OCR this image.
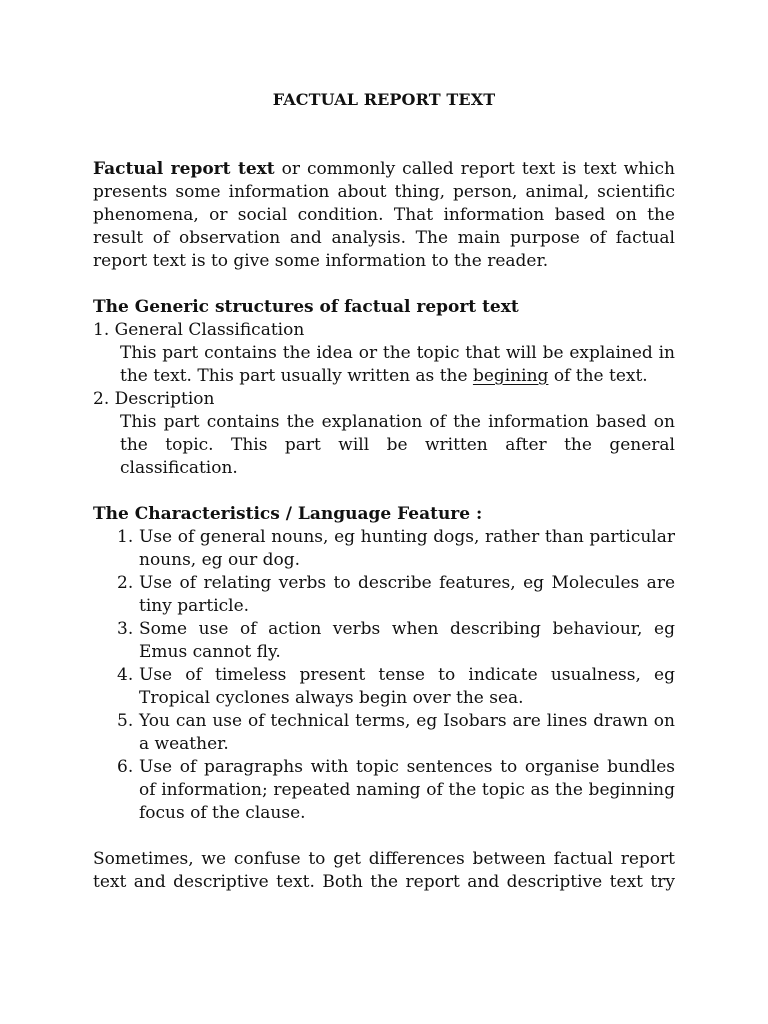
FACTUAL REPORT TEXT

Factual report text or commonly called report text is text which presents some information about thing, person, animal, scientific phenomena, or social condition. That information based on the result of observation and analysis. The main purpose of factual report text is to give some information to the reader.

The Generic structures of factual report text

1. General Classification

This part contains the idea or the topic that will be explained in the text. This part usually written as the begining of the text.

2. Description

This part contains the explanation of the information based on the topic. This part will be written after the general classification.

The Characteristics / Language Feature :

1. Use of general nouns, eg hunting dogs, rather than particular nouns, eg our dog.
2. Use of relating verbs to describe features, eg Molecules are tiny particle.
3. Some use of action verbs when describing behaviour, eg Emus cannot fly.
4. Use of timeless present tense to indicate usualness, eg Tropical cyclones always begin over the sea.
5. You can use of technical terms, eg Isobars are lines drawn on a weather.
6. Use of paragraphs with topic sentences to organise bundles of information; repeated naming of the topic as the beginning focus of the clause.

Sometimes, we confuse to get differences between factual report text and descriptive text. Both the report and descriptive text try
